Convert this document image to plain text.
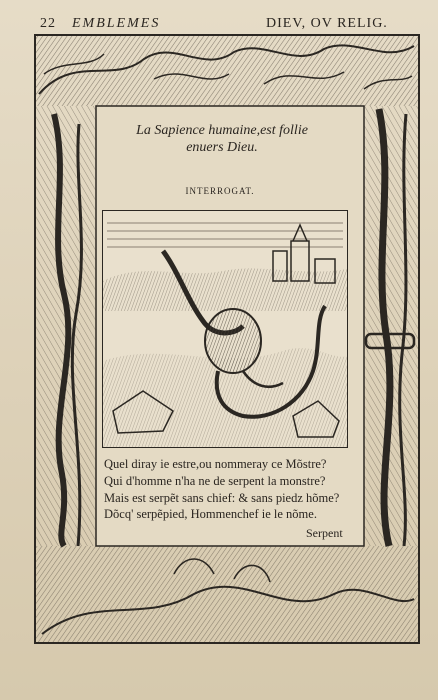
22 EMBLEMES	DIEV, OV RELIG.
La Sapience humaine,est follie
enuers Dieu.
INTERROGAT.
Quel diray ie estre,ou nommeray ce Mõstre?
Qui d'homme n'ha ne de serpent la monstre?
Mais est serpẽt sans chief: & sans piedz hõme?
Dõcq' serpẽpied, Hommenchef ie le nõme.
Serpent
